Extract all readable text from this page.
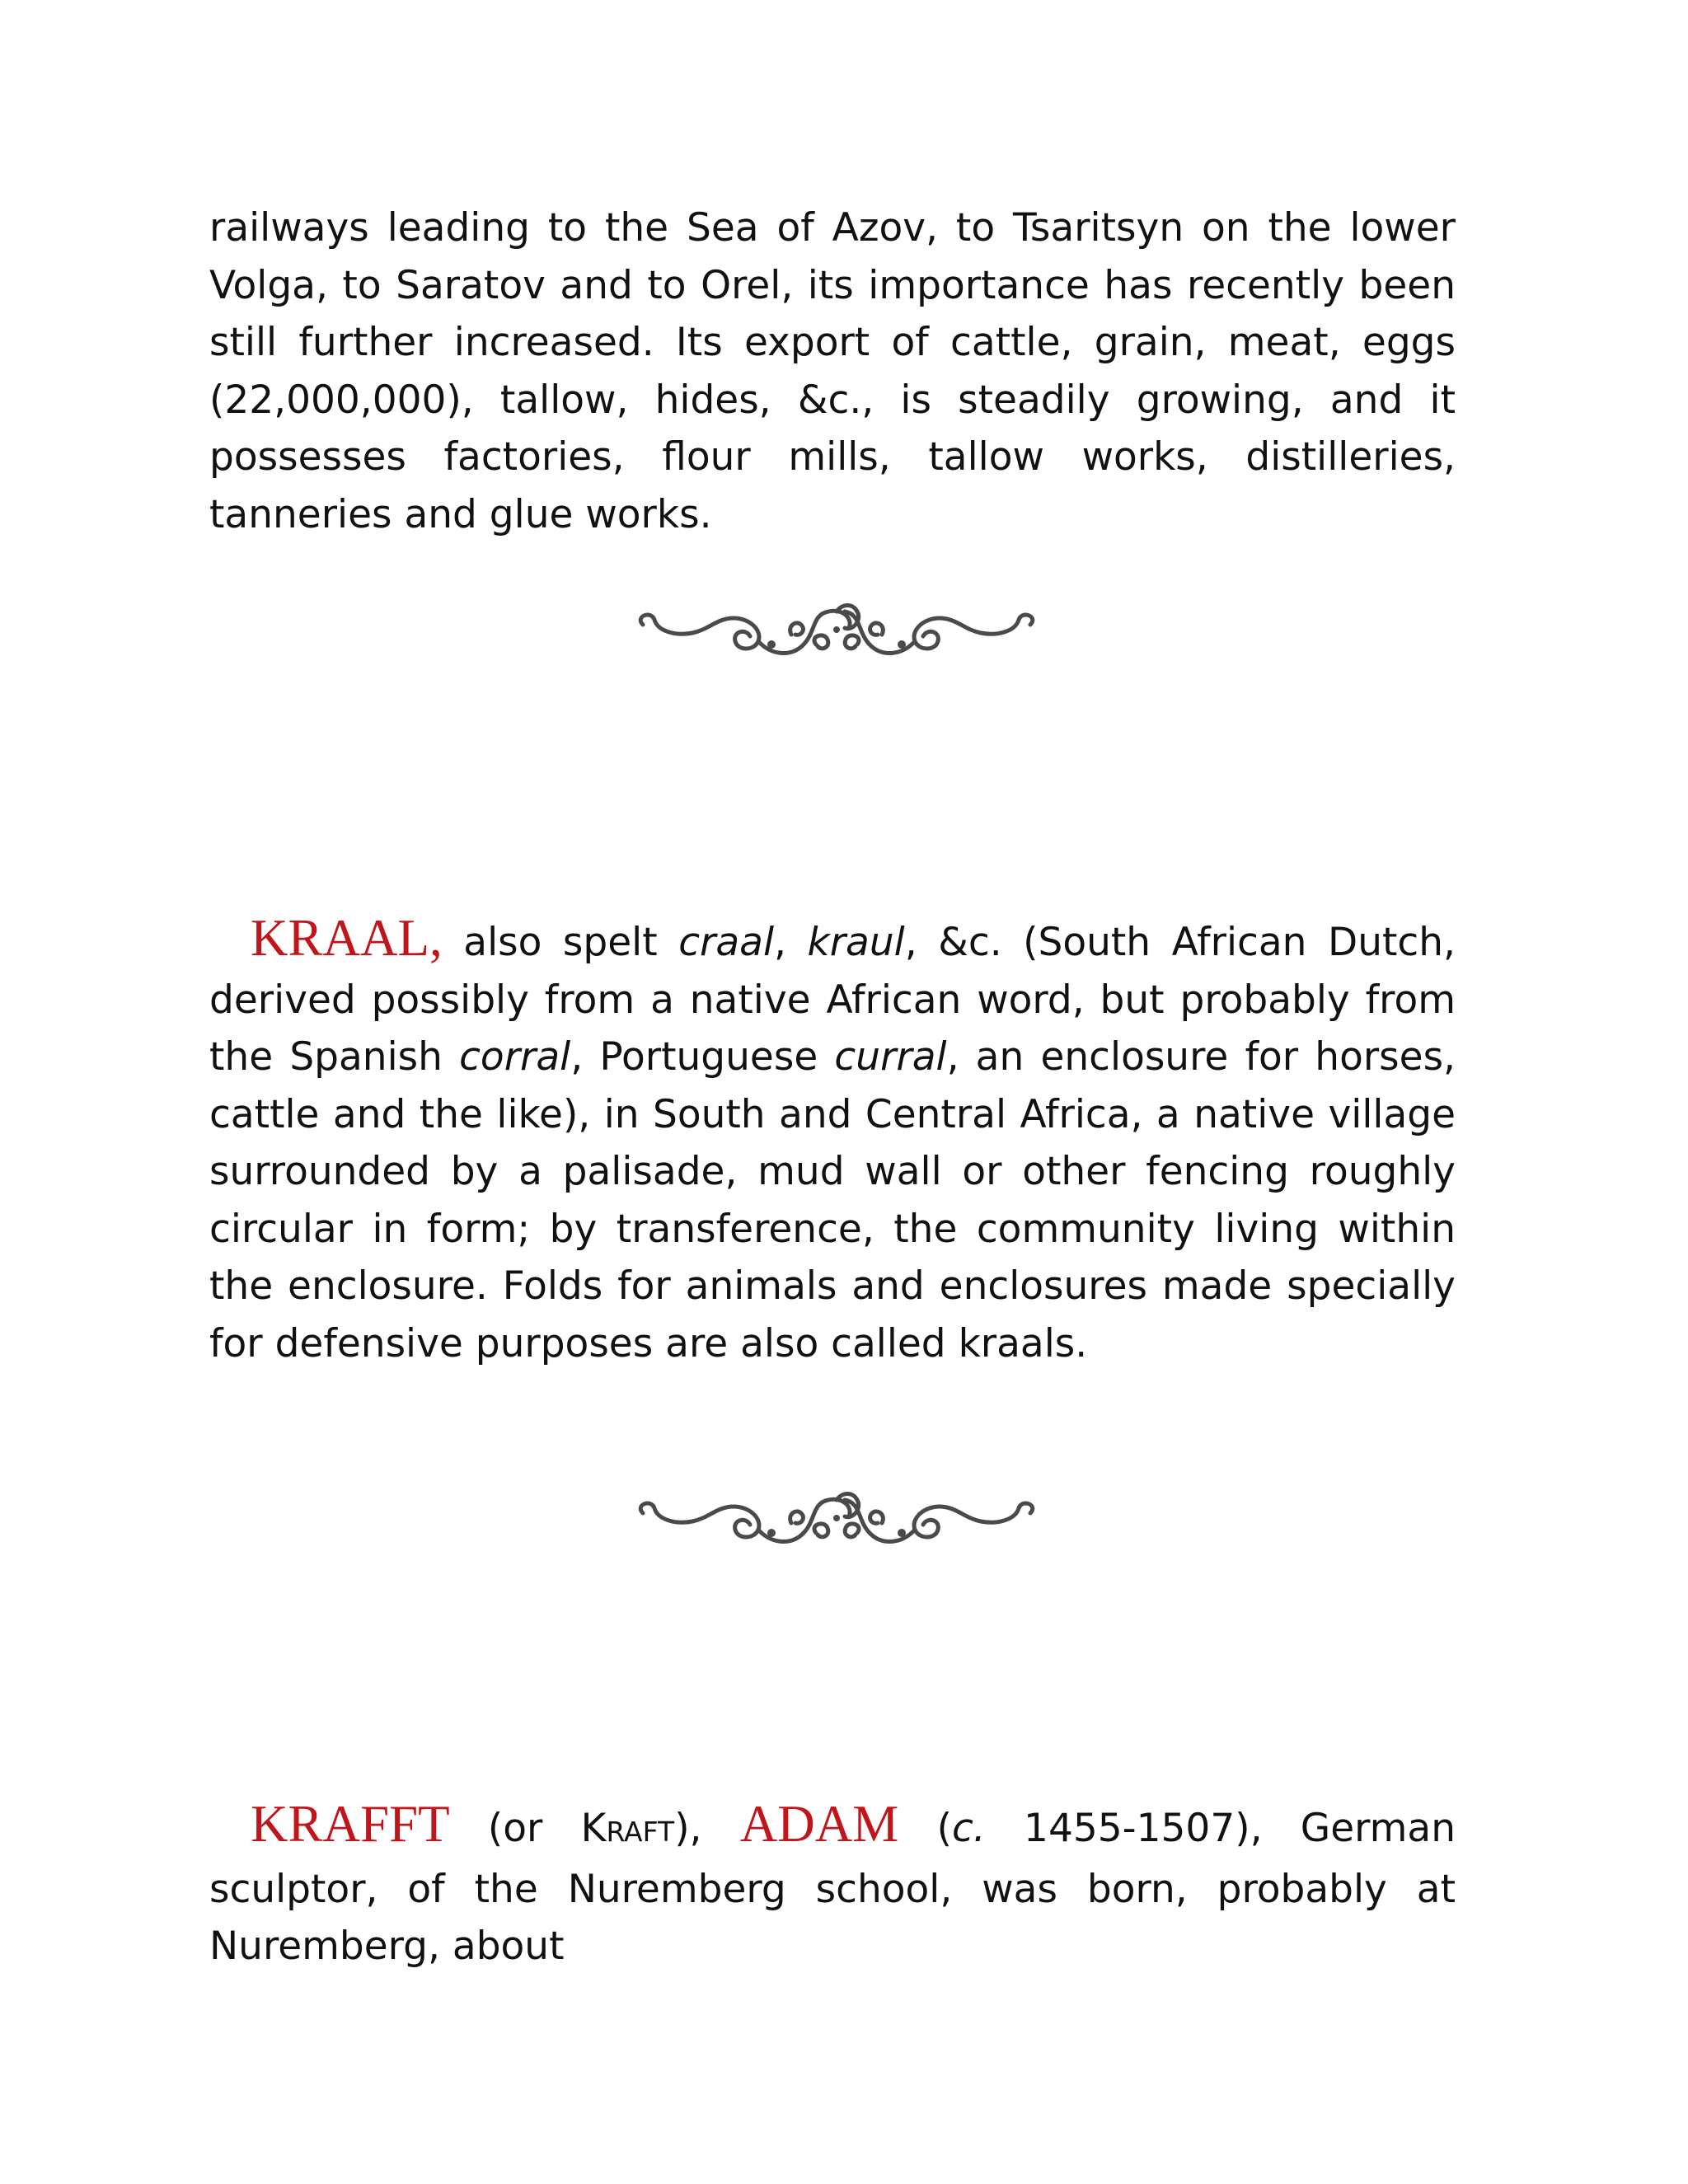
railways leading to the Sea of Azov, to Tsaritsyn on the lower Volga, to Saratov and to Orel, its importance has recently been still further increased. Its export of cattle, grain, meat, eggs (22,000,000), tallow, hides, &c., is steadily growing, and it possesses factories, flour mills, tallow works, distilleries, tanneries and glue works.

KRAAL, also spelt craal, kraul, &c. (South African Dutch, derived possibly from a native African word, but probably from the Spanish corral, Portuguese curral, an enclosure for horses, cattle and the like), in South and Central Africa, a native village surrounded by a palisade, mud wall or other fencing roughly circular in form; by transference, the community living within the enclosure. Folds for animals and enclosures made specially for defensive purposes are also called kraals.

KRAFFT (or KRAFT), ADAM (c. 1455-1507), German sculptor, of the Nuremberg school, was born, probably at Nuremberg, about
